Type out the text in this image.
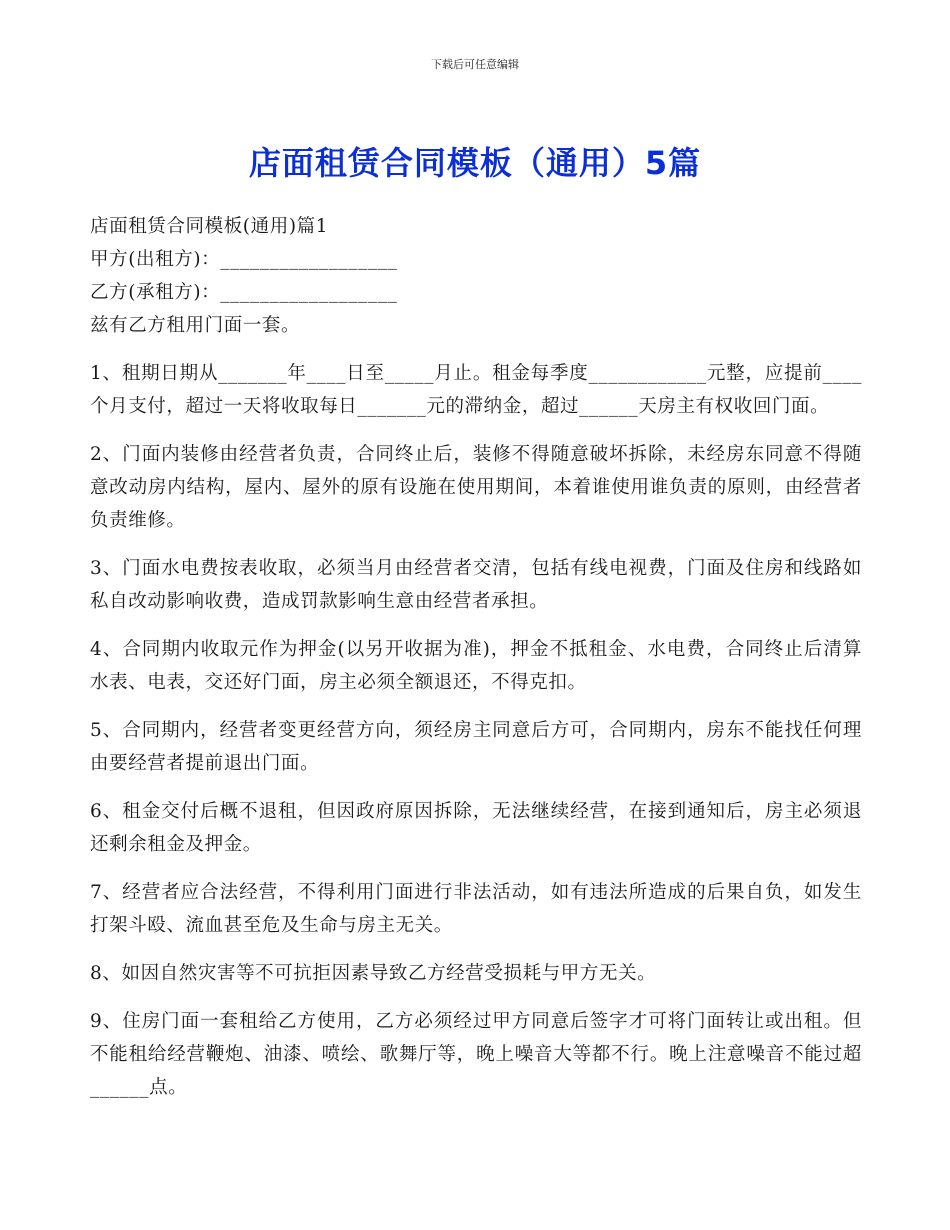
下载后可任意编辑
店面租赁合同模板（通用）5篇

店面租赁合同模板(通用)篇1

甲方(出租方)：__________________

乙方(承租方)：__________________

兹有乙方租用门面一套。

1、租期日期从_______年____日至_____月止。租金每季度____________元整，应提前____个月支付，超过一天将收取每日_______元的滞纳金，超过______天房主有权收回门面。

2、门面内装修由经营者负责，合同终止后，装修不得随意破坏拆除，未经房东同意不得随意改动房内结构，屋内、屋外的原有设施在使用期间，本着谁使用谁负责的原则，由经营者负责维修。

3、门面水电费按表收取，必须当月由经营者交清，包括有线电视费，门面及住房和线路如私自改动影响收费，造成罚款影响生意由经营者承担。

4、合同期内收取元作为押金(以另开收据为准)，押金不抵租金、水电费，合同终止后清算水表、电表，交还好门面，房主必须全额退还，不得克扣。

5、合同期内，经营者变更经营方向，须经房主同意后方可，合同期内，房东不能找任何理由要经营者提前退出门面。

6、租金交付后概不退租，但因政府原因拆除，无法继续经营，在接到通知后，房主必须退还剩余租金及押金。

7、经营者应合法经营，不得利用门面进行非法活动，如有违法所造成的后果自负，如发生打架斗殴、流血甚至危及生命与房主无关。

8、如因自然灾害等不可抗拒因素导致乙方经营受损耗与甲方无关。

9、住房门面一套租给乙方使用，乙方必须经过甲方同意后签字才可将门面转让或出租。但不能租给经营鞭炮、油漆、喷绘、歌舞厅等，晚上噪音大等都不行。晚上注意噪音不能过超______点。
